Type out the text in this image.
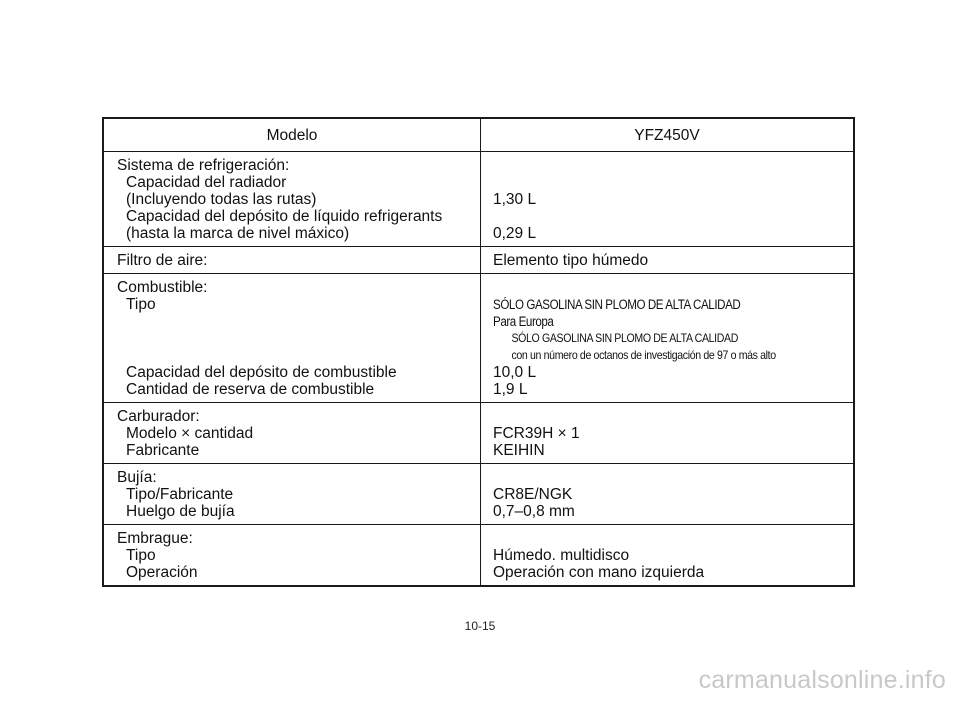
Modelo	YFZ450V
Sistema de refrigeración:
Capacidad del radiador
(Incluyendo todas las rutas)
Capacidad del depósito de líquido refrigerants
(hasta la marca de nivel máxico)
1,30 L
0,29 L
Filtro de aire:	Elemento tipo húmedo
Combustible:
Tipo
Capacidad del depósito de combustible
Cantidad de reserva de combustible
SÓLO GASOLINA SIN PLOMO DE ALTA CALIDAD
Para Europa
SÓLO GASOLINA SIN PLOMO DE ALTA CALIDAD
con un número de octanos de investigación de 97 o más alto
10,0 L
1,9 L
Carburador:
Modelo × cantidad
Fabricante
FCR39H × 1
KEIHIN
Bujía:
Tipo/Fabricante
Huelgo de bujía
CR8E/NGK
0,7–0,8 mm
Embrague:
Tipo
Operación
Húmedo. multidisco
Operación con mano izquierda
10-15
carmanualsonline.info
